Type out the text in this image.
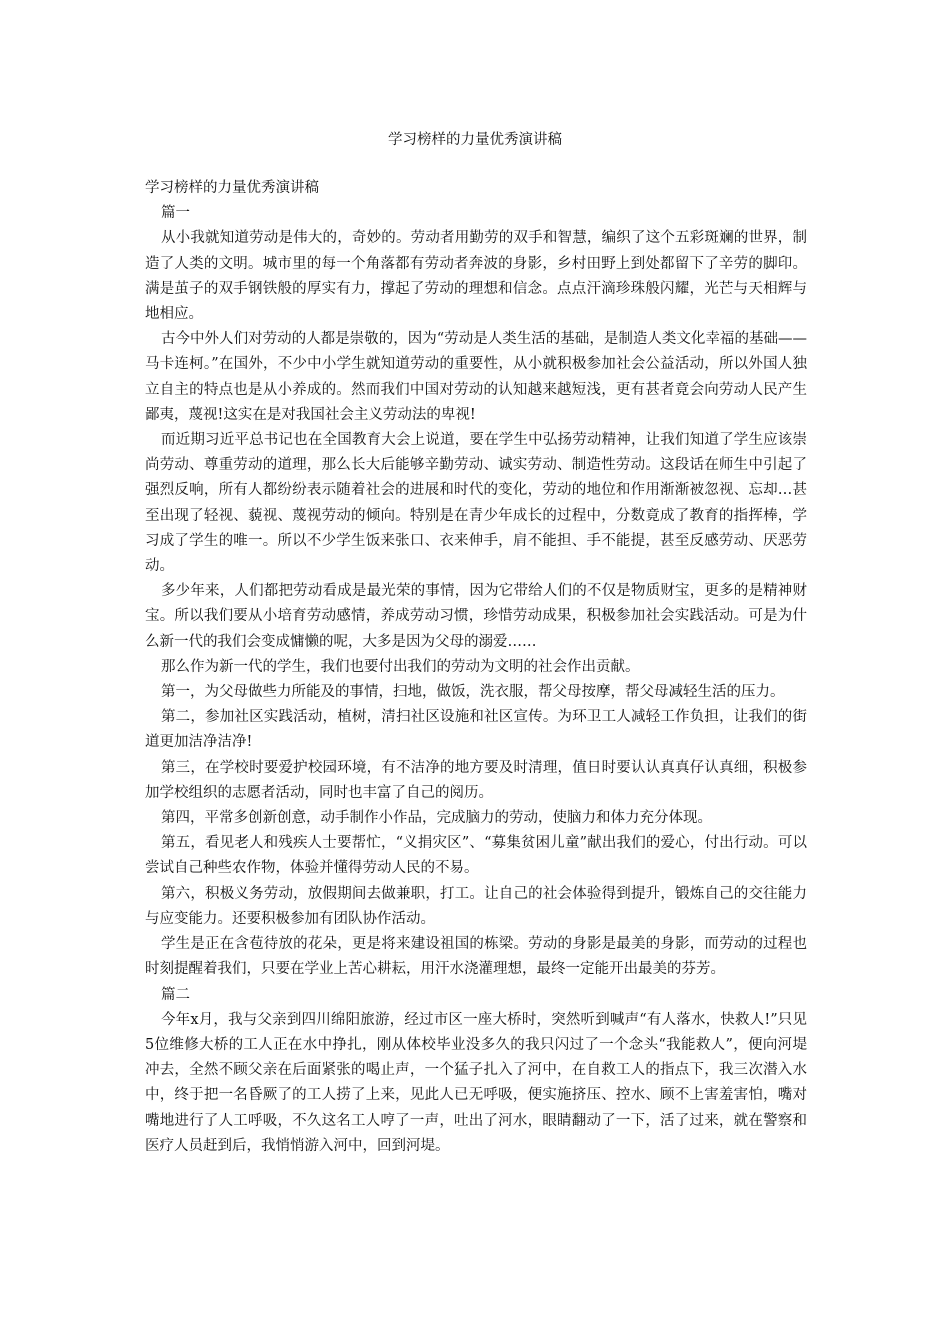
学习榜样的力量优秀演讲稿

学习榜样的力量优秀演讲稿

篇一

从小我就知道劳动是伟大的，奇妙的。劳动者用勤劳的双手和智慧，编织了这个五彩斑斓的世界，制造了人类的文明。城市里的每一个角落都有劳动者奔波的身影，乡村田野上到处都留下了辛劳的脚印。满是茧子的双手钢铁般的厚实有力，撑起了劳动的理想和信念。点点汗滴珍珠般闪耀，光芒与天相辉与地相应。

古今中外人们对劳动的人都是崇敬的，因为“劳动是人类生活的基础，是制造人类文化幸福的基础——马卡连柯。”在国外，不少中小学生就知道劳动的重要性，从小就积极参加社会公益活动，所以外国人独立自主的特点也是从小养成的。然而我们中国对劳动的认知越来越短浅，更有甚者竟会向劳动人民产生鄙夷，蔑视!这实在是对我国社会主义劳动法的卑视!

而近期习近平总书记也在全国教育大会上说道，要在学生中弘扬劳动精神，让我们知道了学生应该崇尚劳动、尊重劳动的道理，那么长大后能够辛勤劳动、诚实劳动、制造性劳动。这段话在师生中引起了强烈反响，所有人都纷纷表示随着社会的进展和时代的变化，劳动的地位和作用渐渐被忽视、忘却…甚至出现了轻视、藐视、蔑视劳动的倾向。特别是在青少年成长的过程中，分数竟成了教育的指挥棒，学习成了学生的唯一。所以不少学生饭来张口、衣来伸手，肩不能担、手不能提，甚至反感劳动、厌恶劳动。

多少年来，人们都把劳动看成是最光荣的事情，因为它带给人们的不仅是物质财宝，更多的是精神财宝。所以我们要从小培育劳动感情，养成劳动习惯，珍惜劳动成果，积极参加社会实践活动。可是为什么新一代的我们会变成慵懒的呢，大多是因为父母的溺爱……

那么作为新一代的学生，我们也要付出我们的劳动为文明的社会作出贡献。

第一，为父母做些力所能及的事情，扫地，做饭，洗衣服，帮父母按摩，帮父母减轻生活的压力。

第二，参加社区实践活动，植树，清扫社区设施和社区宣传。为环卫工人减轻工作负担，让我们的街道更加洁净洁净!

第三，在学校时要爱护校园环境，有不洁净的地方要及时清理，值日时要认认真真仔认真细，积极参加学校组织的志愿者活动，同时也丰富了自己的阅历。

第四，平常多创新创意，动手制作小作品，完成脑力的劳动，使脑力和体力充分体现。

第五，看见老人和残疾人士要帮忙，“义捐灾区”、“募集贫困儿童”献出我们的爱心，付出行动。可以尝试自己种些农作物，体验并懂得劳动人民的不易。

第六，积极义务劳动，放假期间去做兼职，打工。让自己的社会体验得到提升，锻炼自己的交往能力与应变能力。还要积极参加有团队协作活动。

学生是正在含苞待放的花朵，更是将来建设祖国的栋梁。劳动的身影是最美的身影，而劳动的过程也时刻提醒着我们，只要在学业上苦心耕耘，用汗水浇灌理想，最终一定能开出最美的芬芳。

篇二

今年x月，我与父亲到四川绵阳旅游，经过市区一座大桥时，突然听到喊声“有人落水，快救人!”只见5位维修大桥的工人正在水中挣扎，刚从体校毕业没多久的我只闪过了一个念头“我能救人”，便向河堤冲去，全然不顾父亲在后面紧张的喝止声，一个猛子扎入了河中，在自救工人的指点下，我三次潜入水中，终于把一名昏厥了的工人捞了上来，见此人已无呼吸，便实施挤压、控水、顾不上害羞害怕，嘴对嘴地进行了人工呼吸，不久这名工人哼了一声，吐出了河水，眼睛翻动了一下，活了过来，就在警察和医疗人员赶到后，我悄悄游入河中，回到河堤。
